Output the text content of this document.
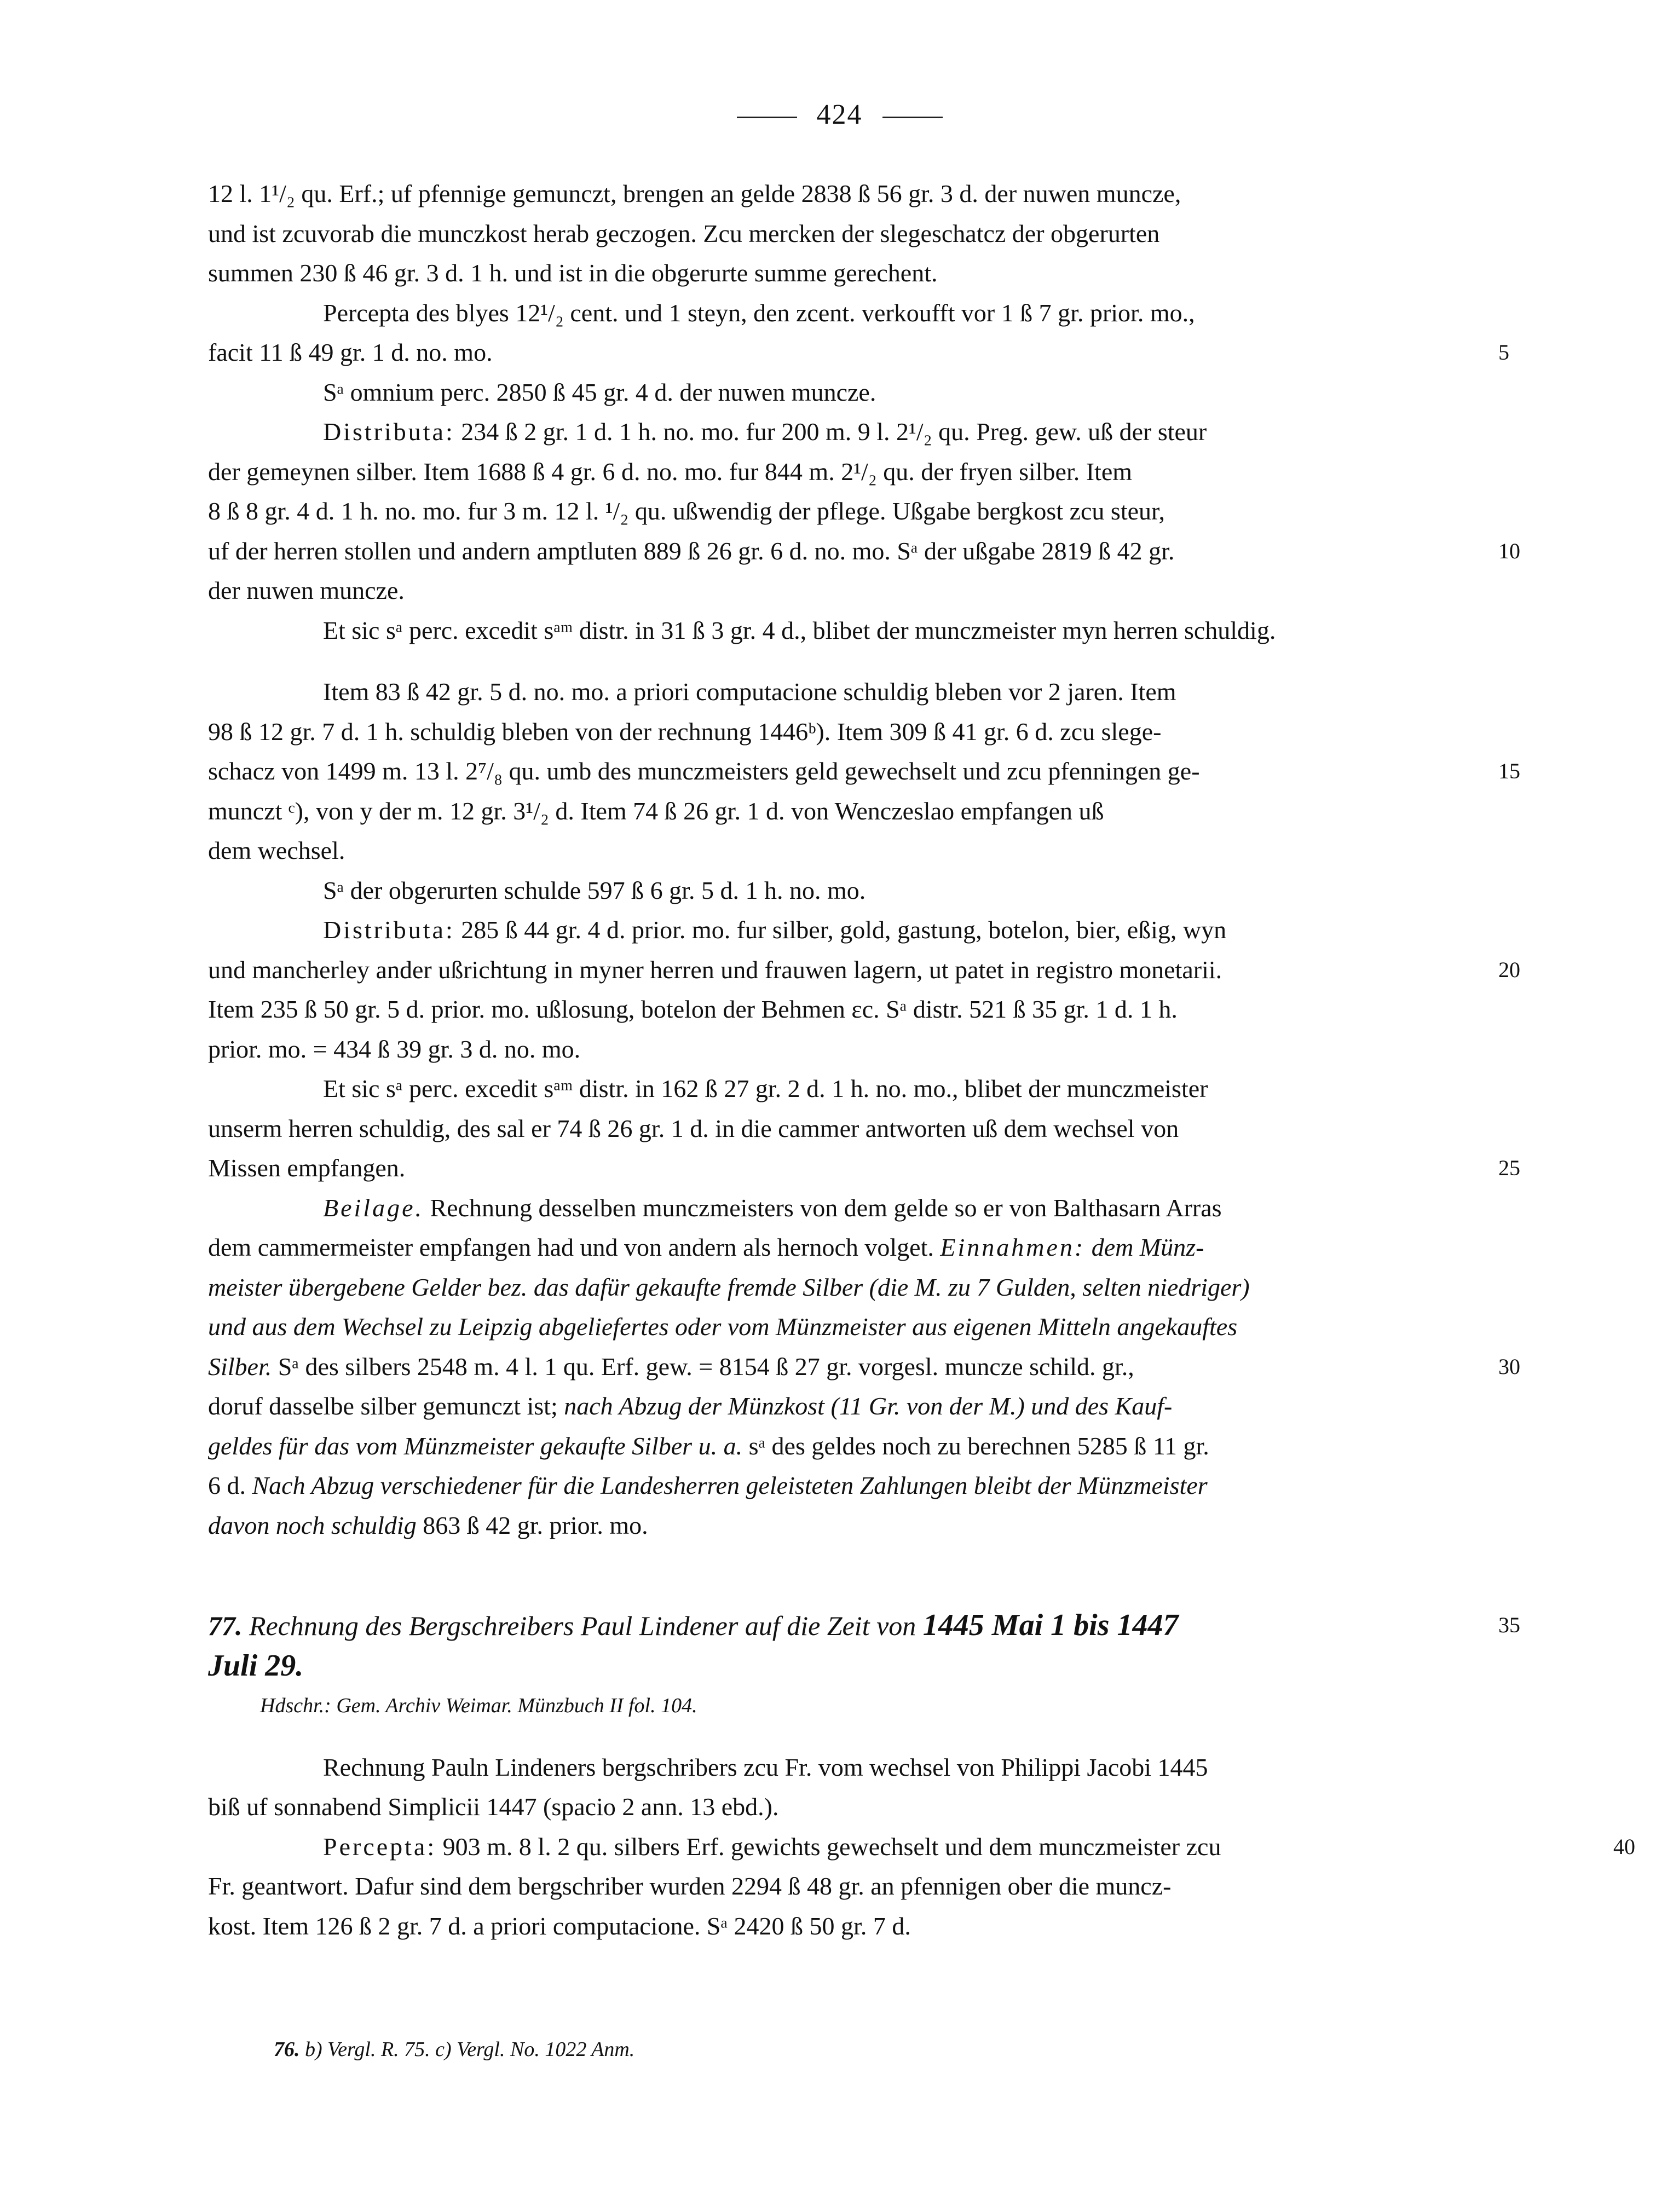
424

12 l. 1¹/₂ qu. Erf.; uf pfennige gemunczt, brengen an gelde 2838 ß 56 gr. 3 d. der nuwen muncze,
und ist zcuvorab die munczkost herab geczogen. Zcu mercken der slegeschatcz der obgerurten
summen 230 ß 46 gr. 3 d. 1 h. und ist in die obgerurte summe gerechent.

Percepta des blyes 12¹/₂ cent. und 1 steyn, den zcent. verkoufft vor 1 ß 7 gr. prior. mo.,
facit 11 ß 49 gr. 1 d. no. mo.	5

Sᵃ omnium perc. 2850 ß 45 gr. 4 d. der nuwen muncze.

Distributa: 234 ß 2 gr. 1 d. 1 h. no. mo. fur 200 m. 9 l. 2¹/₂ qu. Preg. gew. uß der steur
der gemeynen silber. Item 1688 ß 4 gr. 6 d. no. mo. fur 844 m. 2¹/₂ qu. der fryen silber. Item
8 ß 8 gr. 4 d. 1 h. no. mo. fur 3 m. 12 l. ¹/₂ qu. ußwendig der pflege. Ußgabe bergkost zcu steur,
uf der herren stollen und andern amptluten 889 ß 26 gr. 6 d. no. mo. Sᵃ der ußgabe 2819 ß 42 gr.	10
der nuwen muncze.

Et sic sᵃ perc. excedit sᵃᵐ distr. in 31 ß 3 gr. 4 d., blibet der munczmeister myn herren schuldig.

Item 83 ß 42 gr. 5 d. no. mo. a priori computacione schuldig bleben vor 2 jaren. Item
98 ß 12 gr. 7 d. 1 h. schuldig bleben von der rechnung 1446ᵇ). Item 309 ß 41 gr. 6 d. zcu slege-
schacz von 1499 m. 13 l. 2⁷/₈ qu. umb des munczmeisters geld gewechselt und zcu pfenningen ge-	15
munczt ᶜ), von y der m. 12 gr. 3¹/₂ d. Item 74 ß 26 gr. 1 d. von Wenczeslao empfangen uß
dem wechsel.

Sᵃ der obgerurten schulde 597 ß 6 gr. 5 d. 1 h. no. mo.

Distributa: 285 ß 44 gr. 4 d. prior. mo. fur silber, gold, gastung, botelon, bier, eßig, wyn
und mancherley ander ußrichtung in myner herren und frauwen lagern, ut patet in registro monetarii.	20
Item 235 ß 50 gr. 5 d. prior. mo. ußlosung, botelon der Behmen ɛc. Sᵃ distr. 521 ß 35 gr. 1 d. 1 h.
prior. mo. = 434 ß 39 gr. 3 d. no. mo.

Et sic sᵃ perc. excedit sᵃᵐ distr. in 162 ß 27 gr. 2 d. 1 h. no. mo., blibet der munczmeister
unserm herren schuldig, des sal er 74 ß 26 gr. 1 d. in die cammer antworten uß dem wechsel von
Missen empfangen.	25

Beilage. Rechnung desselben munczmeisters von dem gelde so er von Balthasarn Arras
dem cammermeister empfangen had und von andern als hernoch volget. Einnahmen: dem Münz-
meister übergebene Gelder bez. das dafür gekaufte fremde Silber (die M. zu 7 Gulden, selten niedriger)
und aus dem Wechsel zu Leipzig abgeliefertes oder vom Münzmeister aus eigenen Mitteln angekauftes
Silber. Sᵃ des silbers 2548 m. 4 l. 1 qu. Erf. gew. = 8154 ß 27 gr. vorgesl. muncze schild. gr.,	30
doruf dasselbe silber gemunczt ist; nach Abzug der Münzkost (11 Gr. von der M.) und des Kauf-
geldes für das vom Münzmeister gekaufte Silber u. a. sᵃ des geldes noch zu berechnen 5285 ß 11 gr.
6 d. Nach Abzug verschiedener für die Landesherren geleisteten Zahlungen bleibt der Münzmeister
davon noch schuldig 863 ß 42 gr. prior. mo.

77. Rechnung des Bergschreibers Paul Lindener auf die Zeit von 1445 Mai 1 bis 1447	35
Juli 29.

Hdschr.: Gem. Archiv Weimar. Münzbuch II fol. 104.

Rechnung Pauln Lindeners bergschribers zcu Fr. vom wechsel von Philippi Jacobi 1445
biß uf sonnabend Simplicii 1447 (spacio 2 ann. 13 ebd.).

Percepta: 903 m. 8 l. 2 qu. silbers Erf. gewichts gewechselt und dem munczmeister zcu	40
Fr. geantwort. Dafur sind dem bergschriber wurden 2294 ß 48 gr. an pfennigen ober die muncz-
kost. Item 126 ß 2 gr. 7 d. a priori computacione. Sᵃ 2420 ß 50 gr. 7 d.

76. b) Vergl. R. 75. c) Vergl. No. 1022 Anm.
